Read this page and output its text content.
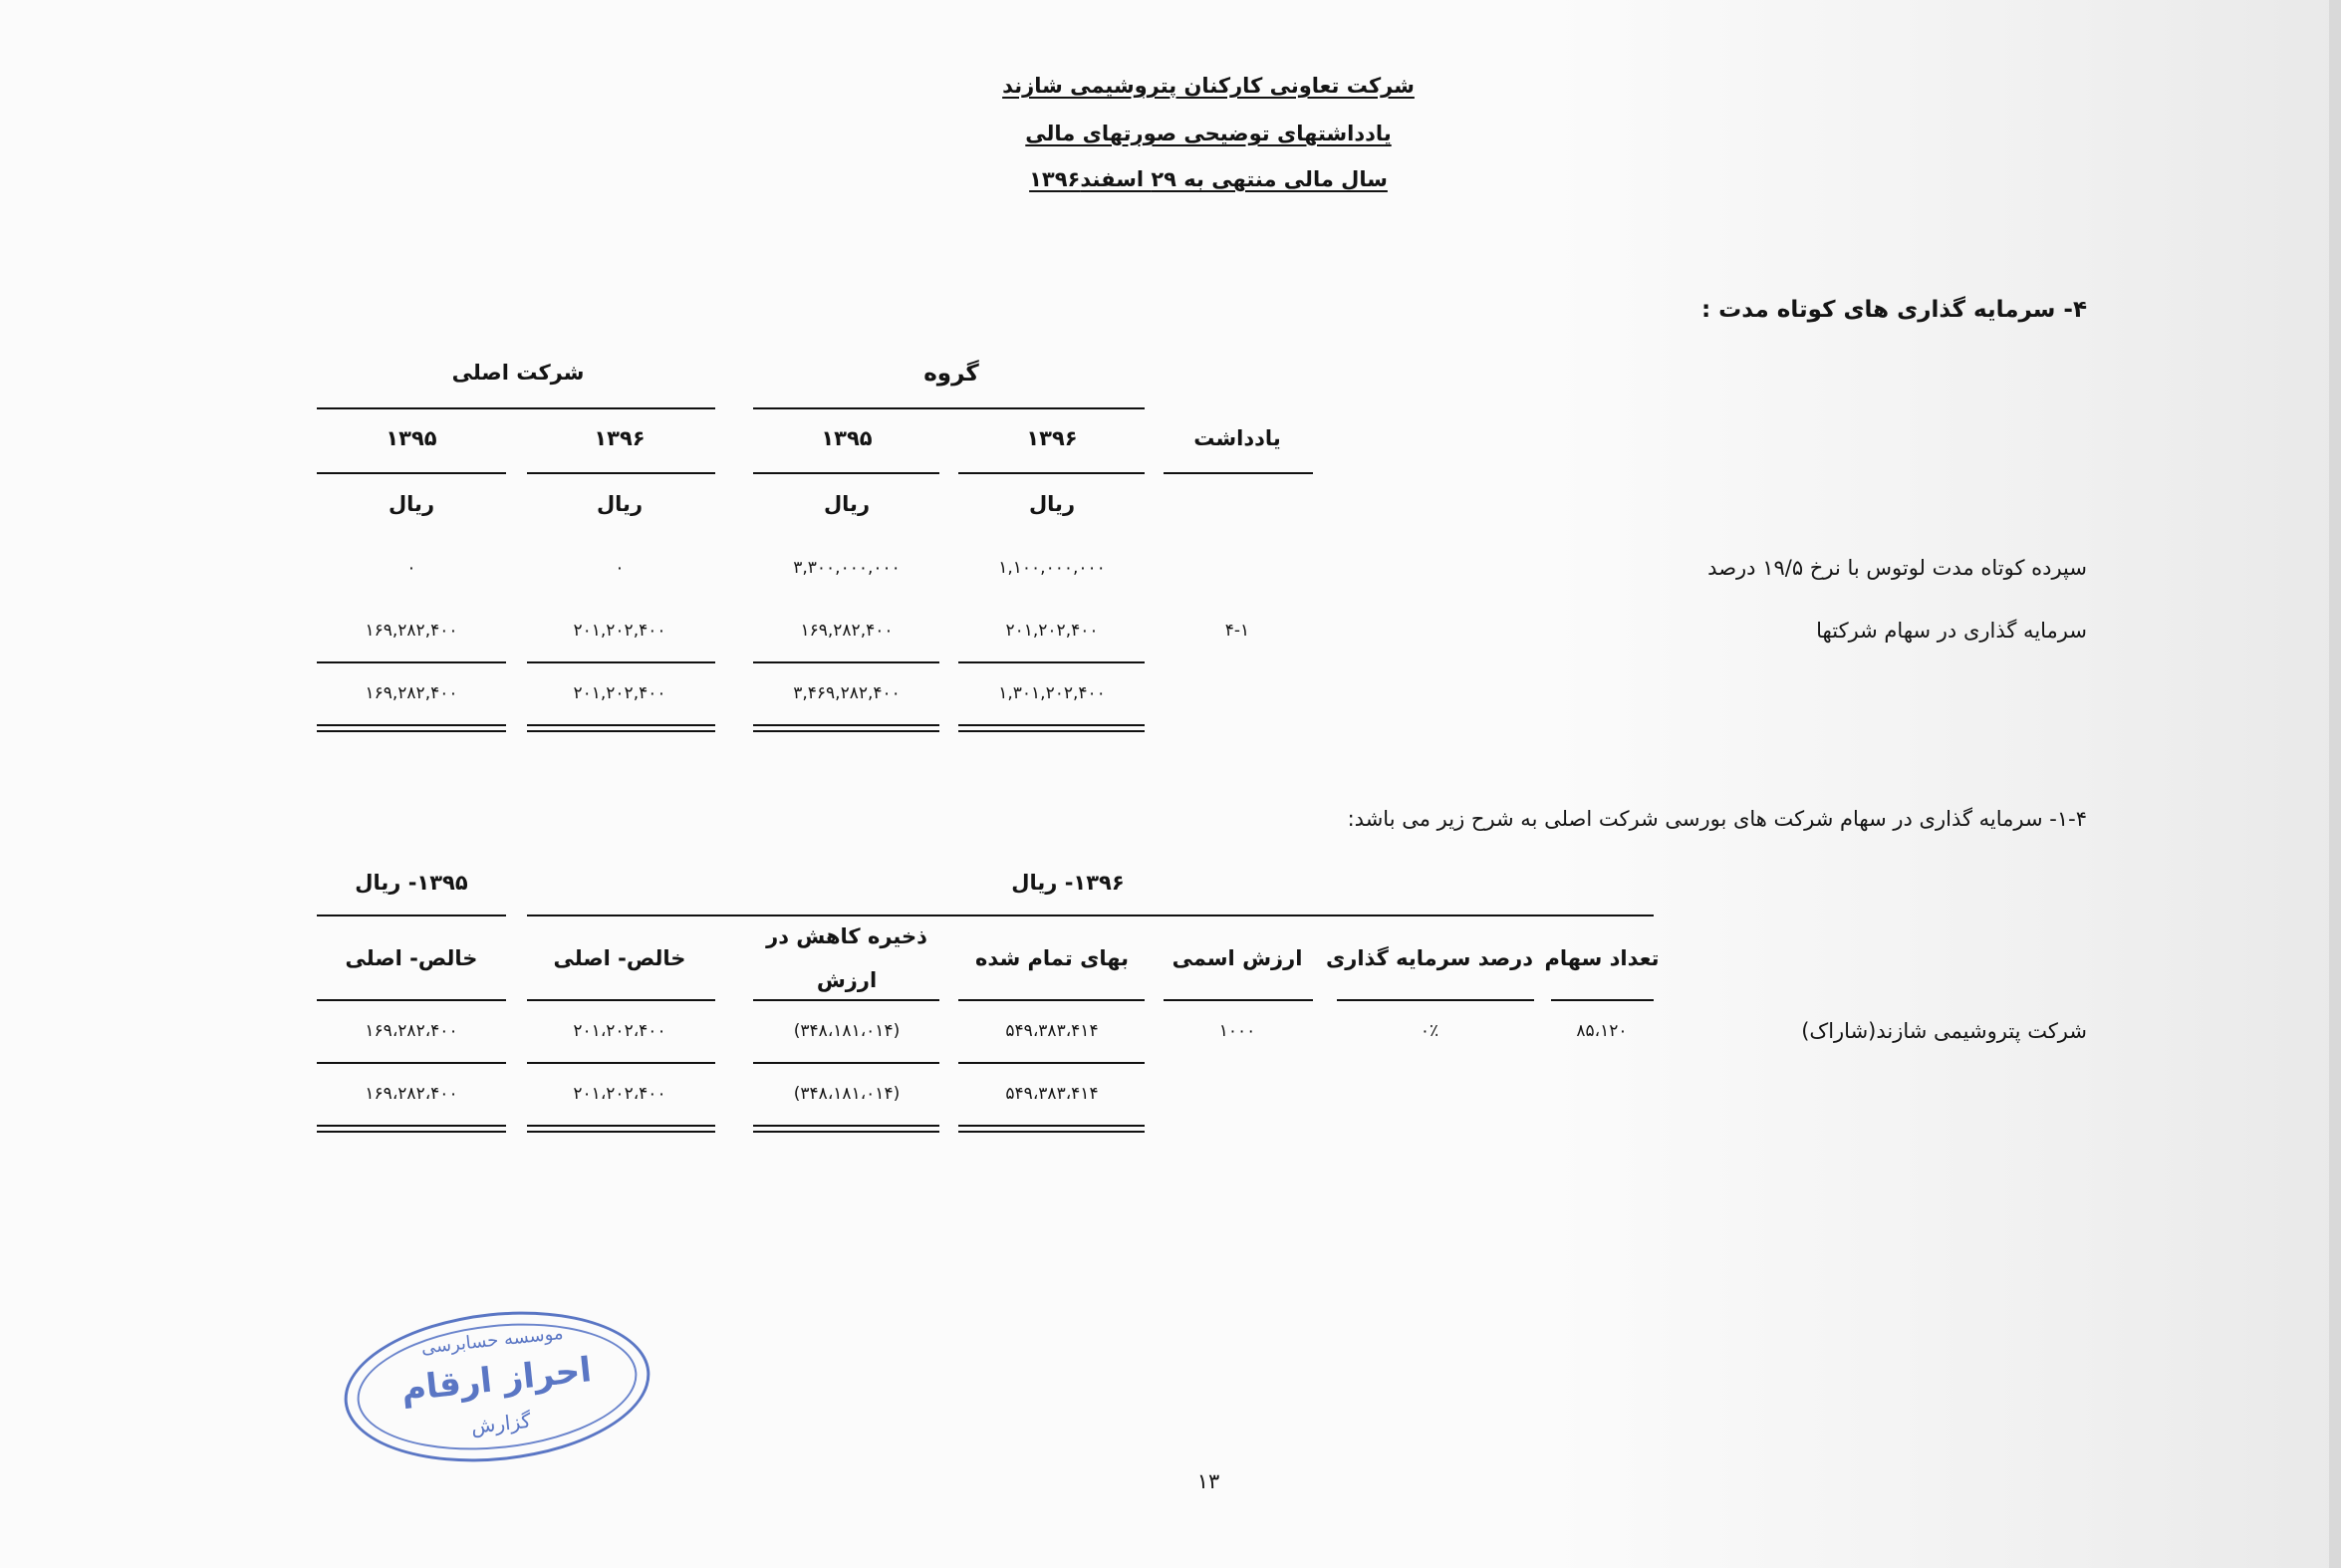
شرکت تعاونی کارکنان پتروشیمی شازند
یادداشتهای توضیحی صورتهای مالی
سال مالی منتهی به ۲۹ اسفند۱۳۹۶
۴- سرمایه گذاری های کوتاه مدت :
گروه
شرکت اصلی
یادداشت
۱۳۹۶
۱۳۹۵
۱۳۹۶
۱۳۹۵
ریال
ریال
ریال
ریال
سپرده کوتاه مدت لوتوس با نرخ ۱۹/۵ درصد
۱,۱۰۰,۰۰۰,۰۰۰
۳,۳۰۰,۰۰۰,۰۰۰
۰
۰
سرمایه گذاری در سهام شرکتها
۴-۱
۲۰۱,۲۰۲,۴۰۰
۱۶۹,۲۸۲,۴۰۰
۲۰۱,۲۰۲,۴۰۰
۱۶۹,۲۸۲,۴۰۰
۱,۳۰۱,۲۰۲,۴۰۰
۳,۴۶۹,۲۸۲,۴۰۰
۲۰۱,۲۰۲,۴۰۰
۱۶۹,۲۸۲,۴۰۰
۱-۴- سرمایه گذاری در سهام شرکت های بورسی شرکت اصلی به شرح زیر می باشد:
۱۳۹۶- ریال
۱۳۹۵- ریال
تعداد سهام
درصد سرمایه گذاری
ارزش اسمی
بهای تمام شده
ذخیره کاهش در
ارزش
خالص- اصلی
خالص- اصلی
شرکت پتروشیمی شازند(شاراک)
۸۵،۱۲۰
۰٪
۱۰۰۰
۵۴۹،۳۸۳،۴۱۴
(۳۴۸،۱۸۱،۰۱۴)
۲۰۱،۲۰۲،۴۰۰
۱۶۹،۲۸۲،۴۰۰
۵۴۹،۳۸۳،۴۱۴
(۳۴۸،۱۸۱،۰۱۴)
۲۰۱،۲۰۲،۴۰۰
۱۶۹،۲۸۲،۴۰۰
موسسه حسابرسی
احراز ارقام
گزارش
۱۳
